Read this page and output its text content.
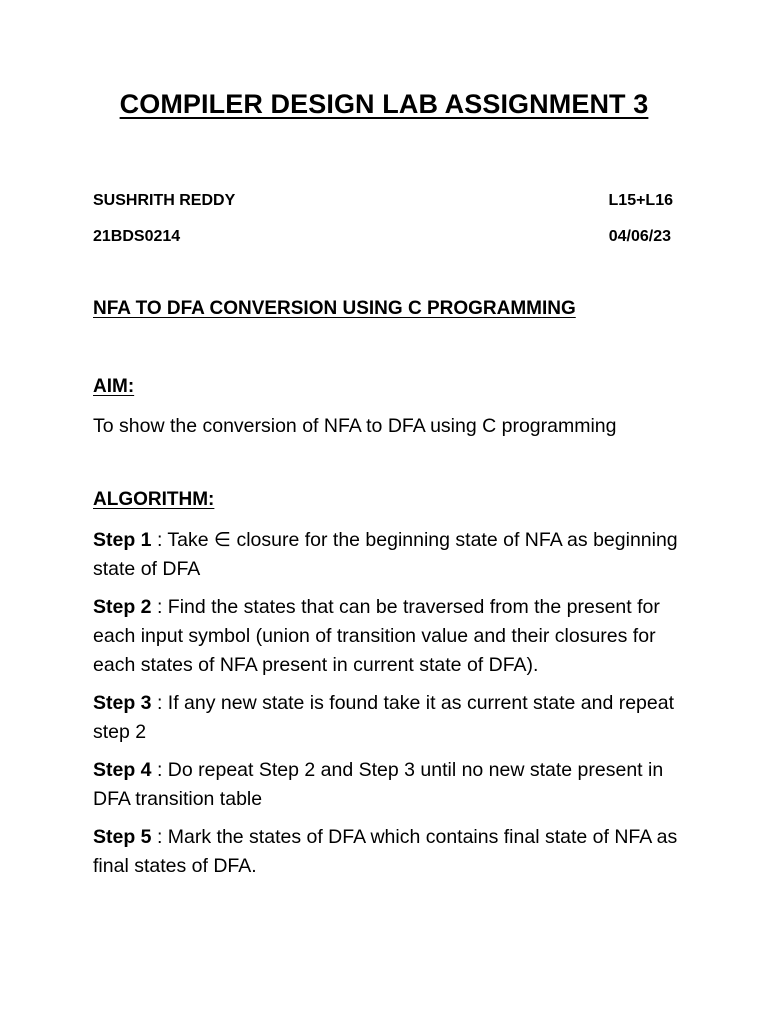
COMPILER DESIGN LAB ASSIGNMENT 3
SUSHRITH REDDY	L15+L16
21BDS0214	04/06/23
NFA TO DFA CONVERSION USING C PROGRAMMING
AIM:
To show the conversion of NFA to DFA using C programming
ALGORITHM:

Step 1 : Take ∈ closure for the beginning state of NFA as beginning state of DFA

Step 2 : Find the states that can be traversed from the present for each input symbol (union of transition value and their closures for each states of NFA present in current state of DFA).

Step 3 : If any new state is found take it as current state and repeat step 2

Step 4 : Do repeat Step 2 and Step 3 until no new state present in DFA transition table

Step 5 : Mark the states of DFA which contains final state of NFA as final states of DFA.
